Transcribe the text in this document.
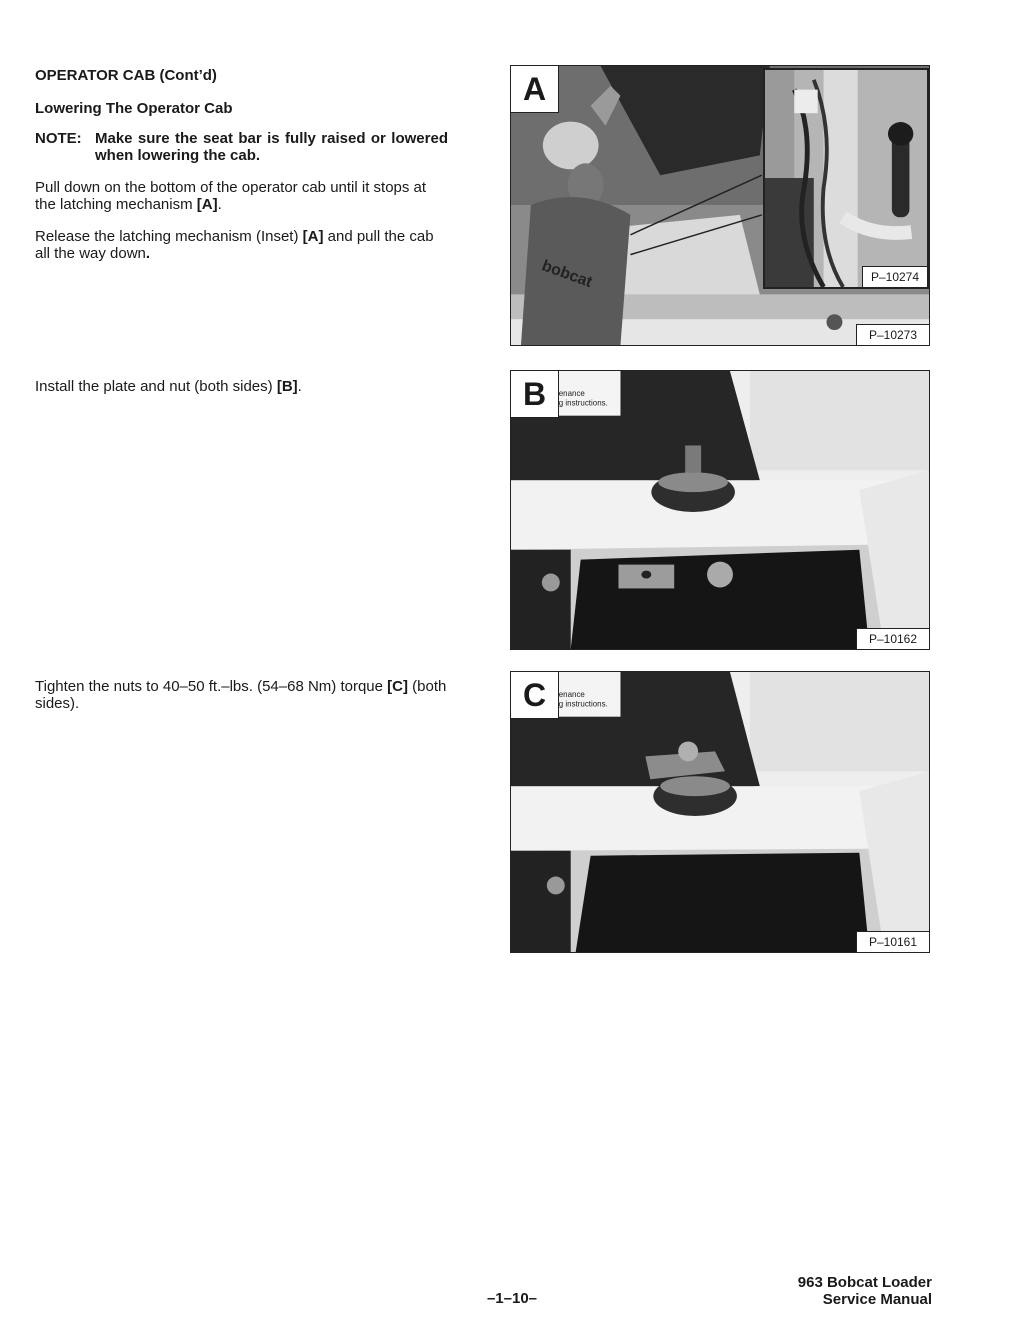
OPERATOR CAB (Cont’d)
Lowering The Operator Cab
NOTE: Make sure the seat bar is fully raised or lowered when lowering the cab.
Pull down on the bottom of the operator cab until it stops at the latching mechanism [A].
Release the latching mechanism (Inset) [A] and pull the cab all the way down.
Install the plate and nut (both sides) [B].
Tighten the nuts to 40–50 ft.–lbs. (54–68 Nm) torque [C] (both sides).
bobcat	P–10274
A
P–10273
enance
g instructions.
B
P–10162
enance
g instructions.
C
P–10161
–1–10–
963 Bobcat Loader
Service Manual
